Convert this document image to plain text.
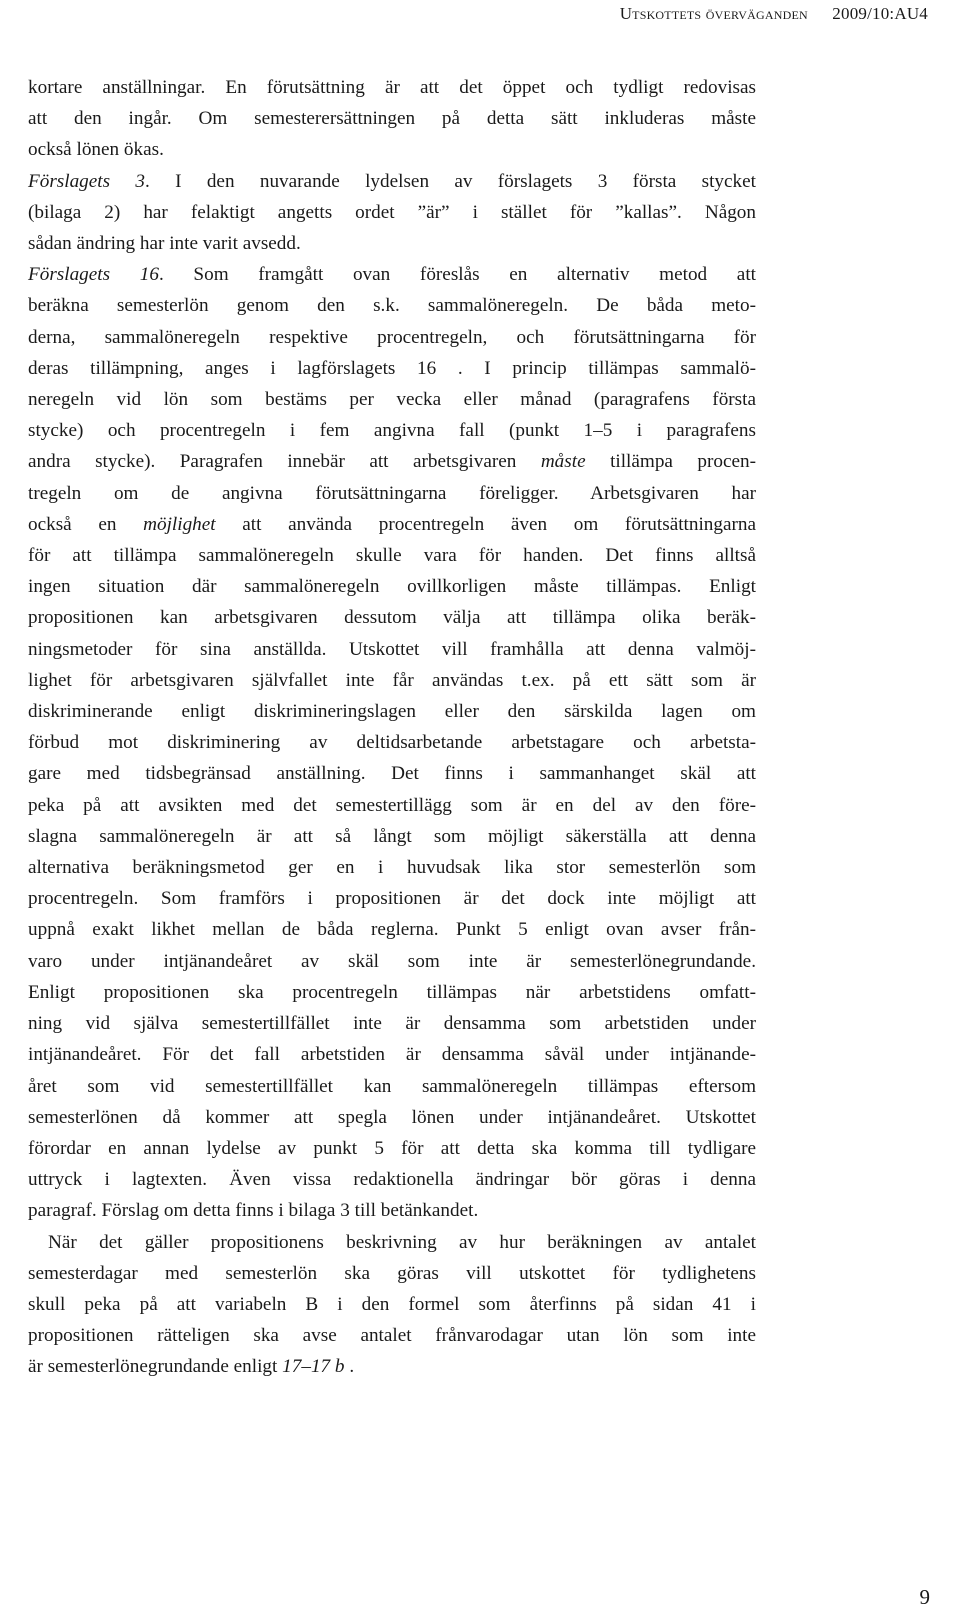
Utskottets överväganden 2009/10:AU4
kortare anställningar. En förutsättning är att det öppet och tydligt redovisas
att den ingår. Om semesterersättningen på detta sätt inkluderas måste
också lönen ökas.
Förslagets 3. I den nuvarande lydelsen av förslagets 3 första stycket
(bilaga 2) har felaktigt angetts ordet ”är” i stället för ”kallas”. Någon
sådan ändring har inte varit avsedd.
Förslagets 16. Som framgått ovan föreslås en alternativ metod att
beräkna semesterlön genom den s.k. sammalöneregeln. De båda meto-
derna, sammalöneregeln respektive procentregeln, och förutsättningarna för
deras tillämpning, anges i lagförslagets 16 . I princip tillämpas sammalö-
neregeln vid lön som bestäms per vecka eller månad (paragrafens första
stycke) och procentregeln i fem angivna fall (punkt 1–5 i paragrafens
andra stycke). Paragrafen innebär att arbetsgivaren måste tillämpa procen-
tregeln om de angivna förutsättningarna föreligger. Arbetsgivaren har
också en möjlighet att använda procentregeln även om förutsättningarna
för att tillämpa sammalöneregeln skulle vara för handen. Det finns alltså
ingen situation där sammalöneregeln ovillkorligen måste tillämpas. Enligt
propositionen kan arbetsgivaren dessutom välja att tillämpa olika beräk-
ningsmetoder för sina anställda. Utskottet vill framhålla att denna valmöj-
lighet för arbetsgivaren självfallet inte får användas t.ex. på ett sätt som är
diskriminerande enligt diskrimineringslagen eller den särskilda lagen om
förbud mot diskriminering av deltidsarbetande arbetstagare och arbetsta-
gare med tidsbegränsad anställning. Det finns i sammanhanget skäl att
peka på att avsikten med det semestertillägg som är en del av den före-
slagna sammalöneregeln är att så långt som möjligt säkerställa att denna
alternativa beräkningsmetod ger en i huvudsak lika stor semesterlön som
procentregeln. Som framförs i propositionen är det dock inte möjligt att
uppnå exakt likhet mellan de båda reglerna. Punkt 5 enligt ovan avser från-
varo under intjänandeåret av skäl som inte är semesterlönegrundande.
Enligt propositionen ska procentregeln tillämpas när arbetstidens omfatt-
ning vid själva semestertillfället inte är densamma som arbetstiden under
intjänandeåret. För det fall arbetstiden är densamma såväl under intjänande-
året som vid semestertillfället kan sammalöneregeln tillämpas eftersom
semesterlönen då kommer att spegla lönen under intjänandeåret. Utskottet
förordar en annan lydelse av punkt 5 för att detta ska komma till tydligare
uttryck i lagtexten. Även vissa redaktionella ändringar bör göras i denna
paragraf. Förslag om detta finns i bilaga 3 till betänkandet.
När det gäller propositionens beskrivning av hur beräkningen av antalet
semesterdagar med semesterlön ska göras vill utskottet för tydlighetens
skull peka på att variabeln B i den formel som återfinns på sidan 41 i
propositionen rätteligen ska avse antalet frånvarodagar utan lön som inte
är semesterlönegrundande enligt 17–17 b .
9
